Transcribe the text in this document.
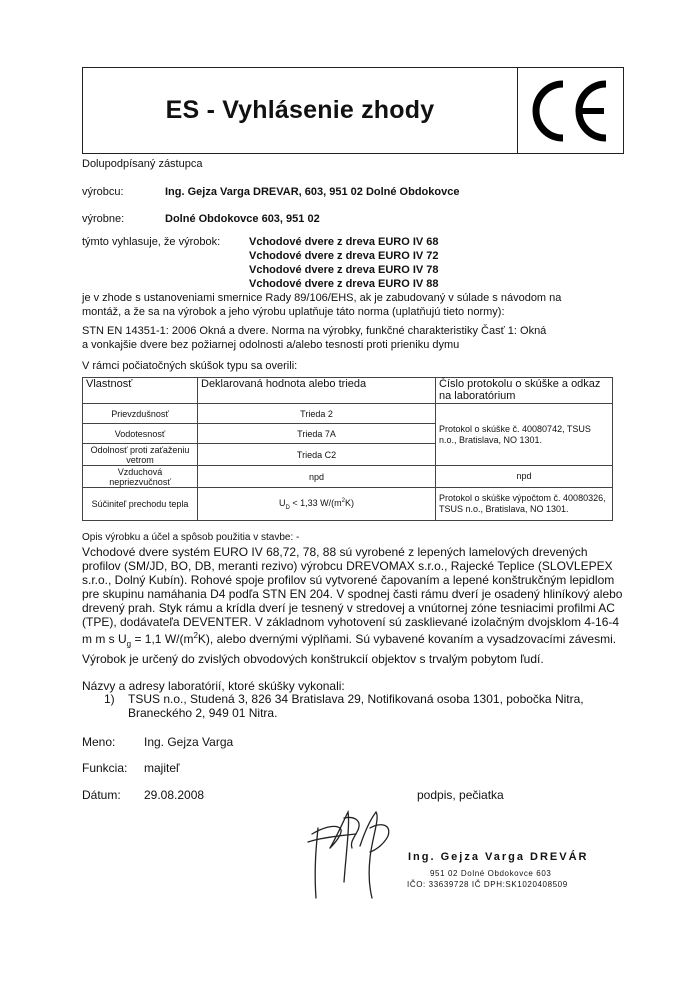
ES - Vyhlásenie zhody
Dolupodpísaný zástupca
výrobcu:	Ing. Gejza Varga DREVAR, 603, 951 02 Dolné Obdokovce
výrobne:	Dolné Obdokovce 603, 951 02
týmto vyhlasuje, že výrobok:	Vchodové dvere z dreva EURO IV 68
Vchodové dvere z dreva EURO IV 72
Vchodové dvere z dreva EURO IV 78
Vchodové dvere z dreva EURO IV 88
je v zhode s ustanoveniami smernice Rady 89/106/EHS, ak je zabudovaný v súlade s návodom na
montáž, a že sa na výrobok a jeho výrobu uplatňuje táto norma (uplatňujú tieto normy):
STN EN 14351-1: 2006 Okná a dvere. Norma na výrobky, funkčné charakteristiky Časť 1: Okná
a vonkajšie dvere bez požiarnej odolnosti a/alebo tesnosti proti prieniku dymu
V rámci počiatočných skúšok typu sa overili:
Vlastnosť	Deklarovaná hodnota alebo trieda	Číslo protokolu o skúške a odkaz na laboratórium
Prievzdušnosť	Trieda 2	Protokol o skúške č. 40080742, TSUS n.o., Bratislava, NO 1301.
Vodotesnosť	Trieda 7A	
Odolnosť proti zaťaženiu vetrom	Trieda C2	
Vzduchová nepriezvučnosť	npd	npd
Súčiniteľ prechodu tepla	$U_D < 1,33$ $W/(m^2K)$	Protokol o skúške výpočtom č. 40080326, TSUS n.o., Bratislava, NO 1301.
Opis výrobku a účel a spôsob použitia v stavbe: -
Vchodové dvere systém EURO IV 68,72, 78, 88 sú vyrobené z lepených lamelových drevených
profilov (SM/JD, BO, DB, meranti rezivo) výrobcu DREVOMAX s.r.o., Rajecké Teplice (SLOVLEPEX
s.r.o., Dolný Kubín). Rohové spoje profilov sú vytvorené čapovaním a lepené konštrukčným lepidlom
pre skupinu namáhania D4 podľa STN EN 204. V spodnej časti rámu dverí je osadený hliníkový alebo
drevený prah. Styk rámu a krídla dverí je tesnený v stredovej a vnútornej zóne tesniacimi profilmi AC
(TPE), dodávateľa DEVENTER. V základnom vyhotovení sú zasklievané izolačným dvojsklom 4-16-4
m m s $U_g = 1,1$ $W/(m^2K)$, alebo dvernými výplňami. Sú vybavené kovaním a vysadzovacími závesmi.
Výrobok je určený do zvislých obvodových konštrukcií objektov s trvalým pobytom ľudí.
Názvy a adresy laboratórií, ktoré skúšky vykonali:
1) TSUS n.o., Studená 3, 826 34 Bratislava 29, Notifikovaná osoba 1301, pobočka Nitra,
Braneckého 2, 949 01 Nitra.
Meno: Ing. Gejza Varga
Funkcia: majiteľ
Dátum: 29.08.2008	podpis, pečiatka
Ing. Gejza Varga DREVÁR
951 02 Dolné Obdokovce 603
IČO: 33639728 IČ DPH:SK1020408509
